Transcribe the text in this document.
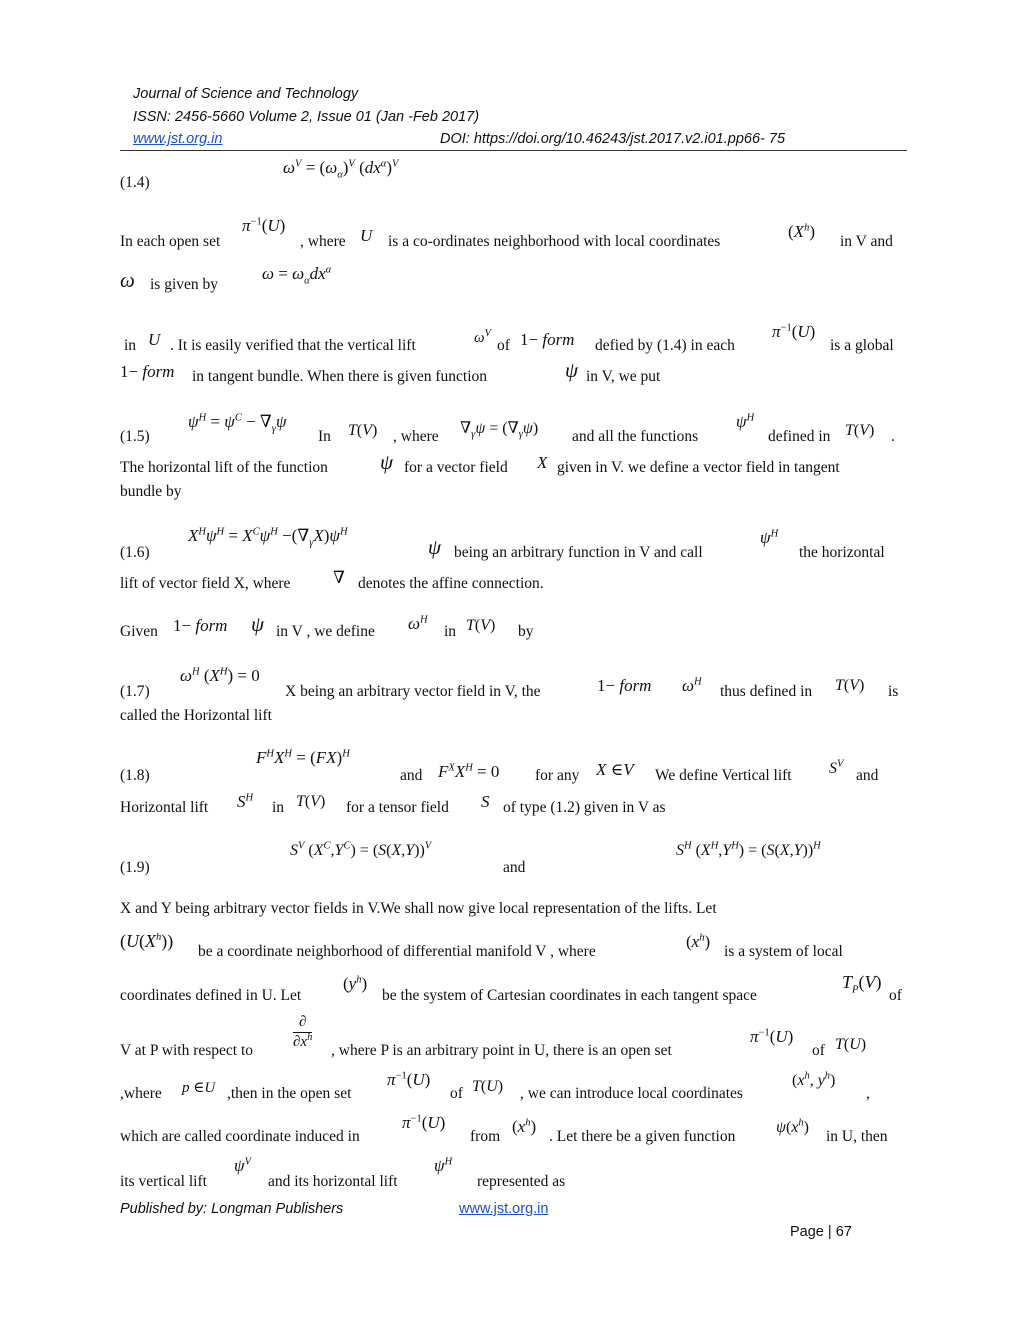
Journal of Science and Technology
ISSN: 2456-5660 Volume 2, Issue 01 (Jan -Feb 2017)
www.jst.org.in	DOI: https://doi.org/10.46243/jst.2017.v2.i01.pp66- 75
(1.4)
$\omega^V = (\omega_\alpha)^V$ $(dx^\alpha)^V$
In each open set
$\pi^{-1}(U)$
, where U is a co-ordinates neighborhood with local coordinates
$(X^h)$
in V and
ω is given by
$\omega = \omega_\alpha dx^\alpha$
in U . It is easily verified that the vertical lift	$\omega^V$
of 1− form defied by (1.4) in each
$\pi^{-1}(U)$
is a global
1− form in tangent bundle. When there is given function	ψ in V, we put
(1.5)
$\psi^H = \psi^C - \nabla_\gamma\psi$
In T(V) , where $\nabla_\gamma\psi = (\nabla_\gamma\psi)$ and all the functions
$\psi^H$
defined in T(V) .
The horizontal lift of the function ψ for a vector field X given in V. we define a vector field in tangent
bundle by
(1.6)
$X^H\psi^H = X^C\psi^H -(\nabla_\gamma X)\psi^H$
ψ being an arbitrary function in V and call
$\psi^H$
the horizontal
lift of vector field X, where	∇ denotes the affine connection.
Given 1− form ψ in V , we define $\omega^H$
in T(V) by
(1.7)
$\omega^H$ $(X^H) = 0$
X being an arbitrary vector field in V, the	1− form $\omega^H$
thus defined in T(V) is
called the Horizontal lift
(1.8)
$F^HX^H = (FX)^H$
and $F^XX^H = 0$ for any X ∈V We define Vertical lift $S^V$
and
Horizontal lift $S^H$
in T(V) for a tensor field S of type (1.2) given in V as
(1.9)
$S^V$ $(X^C,Y^C) = (S(X,Y))^V$
and
$S^H$ $(X^H,Y^H) = (S(X,Y))^H$
X and Y being arbitrary vector fields in V.We shall now give local representation of the lifts. Let
$(U(X^h))$
be a coordinate neighborhood of differential manifold V , where
$(x^h)$
is a system of local
coordinates defined in U. Let
$(y^h)$
be the system of Cartesian coordinates in each tangent space
$T_P(V)$
of
V at P with respect to
∂
$\partial x^h$
, where P is an arbitrary point in U, there is an open set
$\pi^{-1}(U)$
of T(U)
,where p ∈U ,then in the open set
$\pi^{-1}(U)$
of T(U) , we can introduce local coordinates
($x^h$, $y^h$)
,
which are called coordinate induced in
$\pi^{-1}(U)$
from
$(x^h)$
. Let there be a given function
$\psi(x^h)$
in U, then
its vertical lift
$\psi^V$
and its horizontal lift
$\psi^H$
represented as
Published by: Longman Publishers	www.jst.org.in
Page | 67
